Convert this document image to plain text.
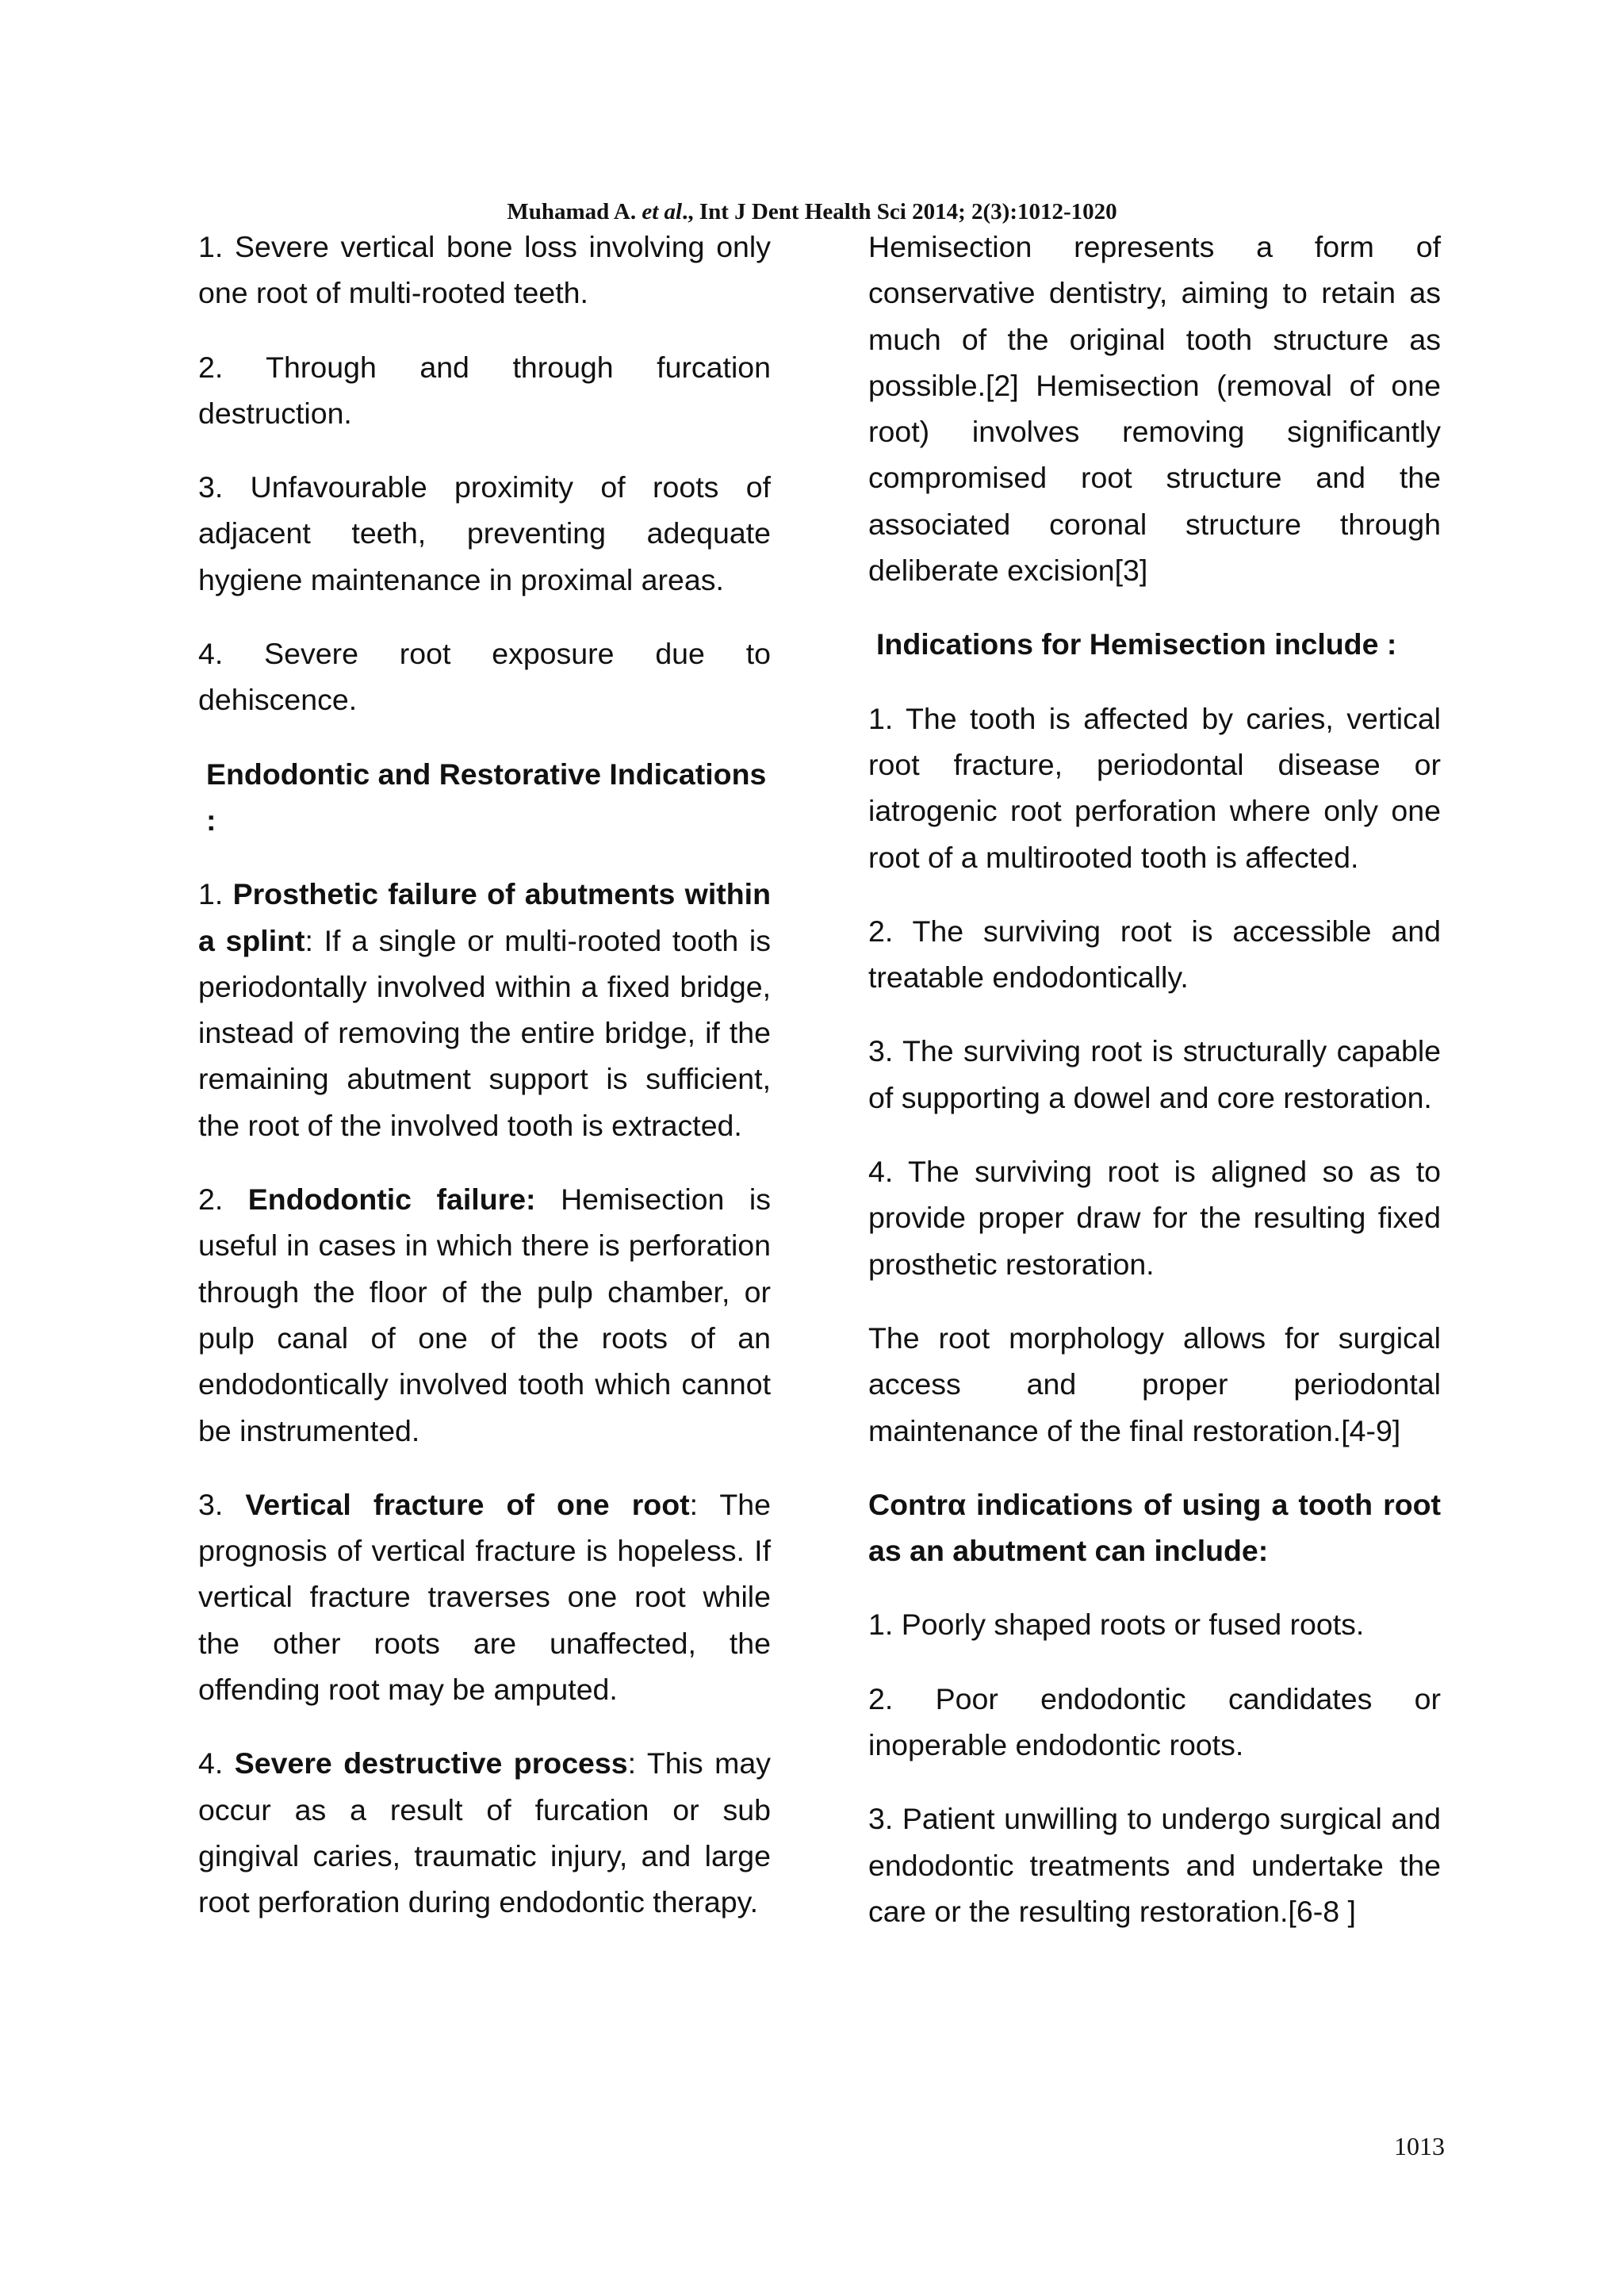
Muhamad A. et al., Int J Dent Health Sci 2014; 2(3):1012-1020

1. Severe vertical bone loss involving only one root of multi-rooted teeth.

2. Through and through furcation destruction.

3. Unfavourable proximity of roots of adjacent teeth, preventing adequate hygiene maintenance in proximal areas.

4. Severe root exposure due to dehiscence.

Endodontic and Restorative Indications :

1. Prosthetic failure of abutments within a splint: If a single or multi-rooted tooth is periodontally involved within a fixed bridge, instead of removing the entire bridge, if the remaining abutment support is sufficient, the root of the involved tooth is extracted.

2. Endodontic failure: Hemisection is useful in cases in which there is perforation through the floor of the pulp chamber, or pulp canal of one of the roots of an endodontically involved tooth which cannot be instrumented.

3. Vertical fracture of one root: The prognosis of vertical fracture is hopeless. If vertical fracture traverses one root while the other roots are unaffected, the offending root may be amputed.

4. Severe destructive process: This may occur as a result of furcation or sub gingival caries, traumatic injury, and large root perforation during endodontic therapy.

Hemisection represents a form of conservative dentistry, aiming to retain as much of the original tooth structure as possible.[2] Hemisection (removal of one root) involves removing significantly compromised root structure and the associated coronal structure through deliberate excision[3]

Indications for Hemisection include :

1. The tooth is affected by caries, vertical root fracture, periodontal disease or iatrogenic root perforation where only one root of a multirooted tooth is affected.

2. The surviving root is accessible and treatable endodontically.

3. The surviving root is structurally capable of supporting a dowel and core restoration.

4. The surviving root is aligned so as to provide proper draw for the resulting fixed prosthetic restoration.

The root morphology allows for surgical access and proper periodontal maintenance of the final restoration.[4-9]

Contrα indications of using a tooth root as an abutment can include:

1. Poorly shaped roots or fused roots.

2. Poor endodontic candidates or inoperable endodontic roots.

3. Patient unwilling to undergo surgical and endodontic treatments and undertake the care or the resulting restoration.[6-8 ]

1013
